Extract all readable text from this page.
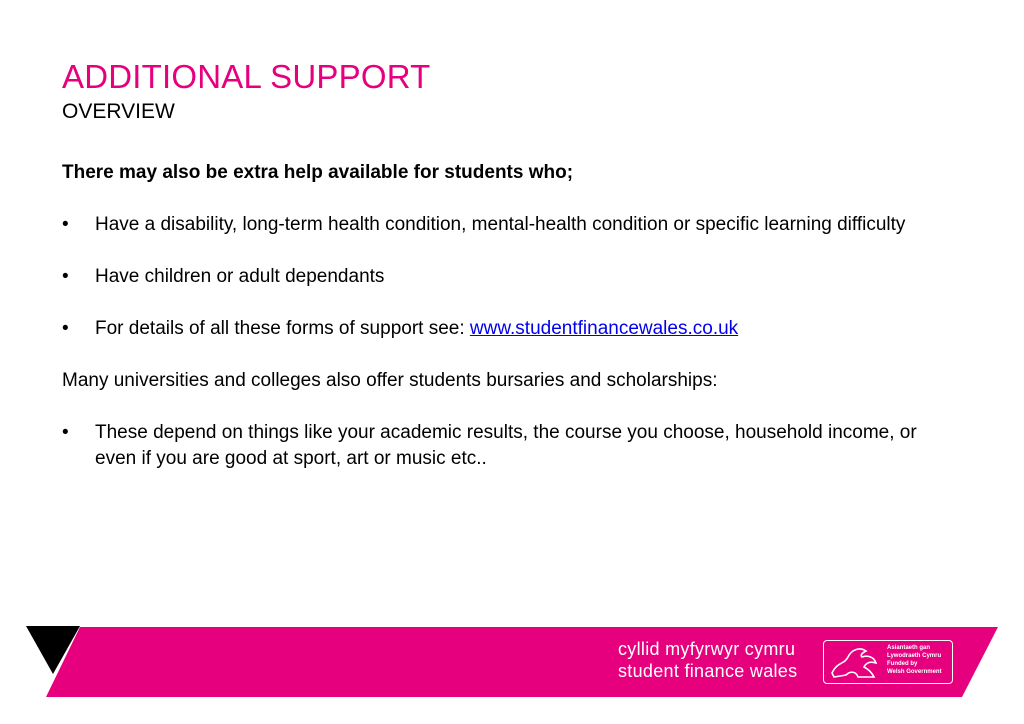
ADDITIONAL SUPPORT
OVERVIEW

There may also be extra help available for students who;

• Have a disability, long-term health condition, mental-health condition or specific learning difficulty

• Have children or adult dependants

• For details of all these forms of support see: www.studentfinancewales.co.uk

Many universities and colleges also offer students bursaries and scholarships:

• These depend on things like your academic results, the course you choose, household income, or even if you are good at sport, art or music etc..

cyllid myfyrwyr cymru
student finance wales
Asiantaeth gan
Lywodraeth Cymru
Funded by
Welsh Government
